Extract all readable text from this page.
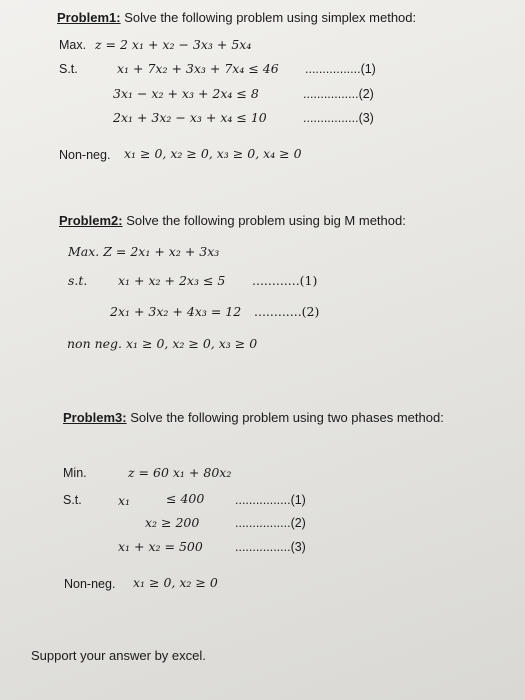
Problem1: Solve the following problem using simplex method:
Max. z = 2 x₁ + x₂ − 3x₃ + 5x₄
S.t.	x₁ + 7x₂ + 3x₃ + 7x₄ ≤ 46 ................(1)
3x₁ − x₂ + x₃ + 2x₄ ≤ 8	................(2)
2x₁ + 3x₂ − x₃ + x₄ ≤ 10	................(3)
Non-neg. x₁ ≥ 0, x₂ ≥ 0, x₃ ≥ 0, x₄ ≥ 0
Problem2: Solve the following problem using big M method:
Max. Z = 2x₁ + x₂ + 3x₃
s.t. x₁ + x₂ + 2x₃ ≤ 5 ............(1)
2x₁ + 3x₂ + 4x₃ = 12 ............(2)
non neg. x₁ ≥ 0, x₂ ≥ 0, x₃ ≥ 0
Problem3: Solve the following problem using two phases method:
Min.	z = 60 x₁ + 80x₂
S.t.	x₁	≤ 400 ................(1)
x₂ ≥ 200	................(2)
x₁ + x₂ = 500	................(3)
Non-neg. x₁ ≥ 0, x₂ ≥ 0
Support your answer by excel.
